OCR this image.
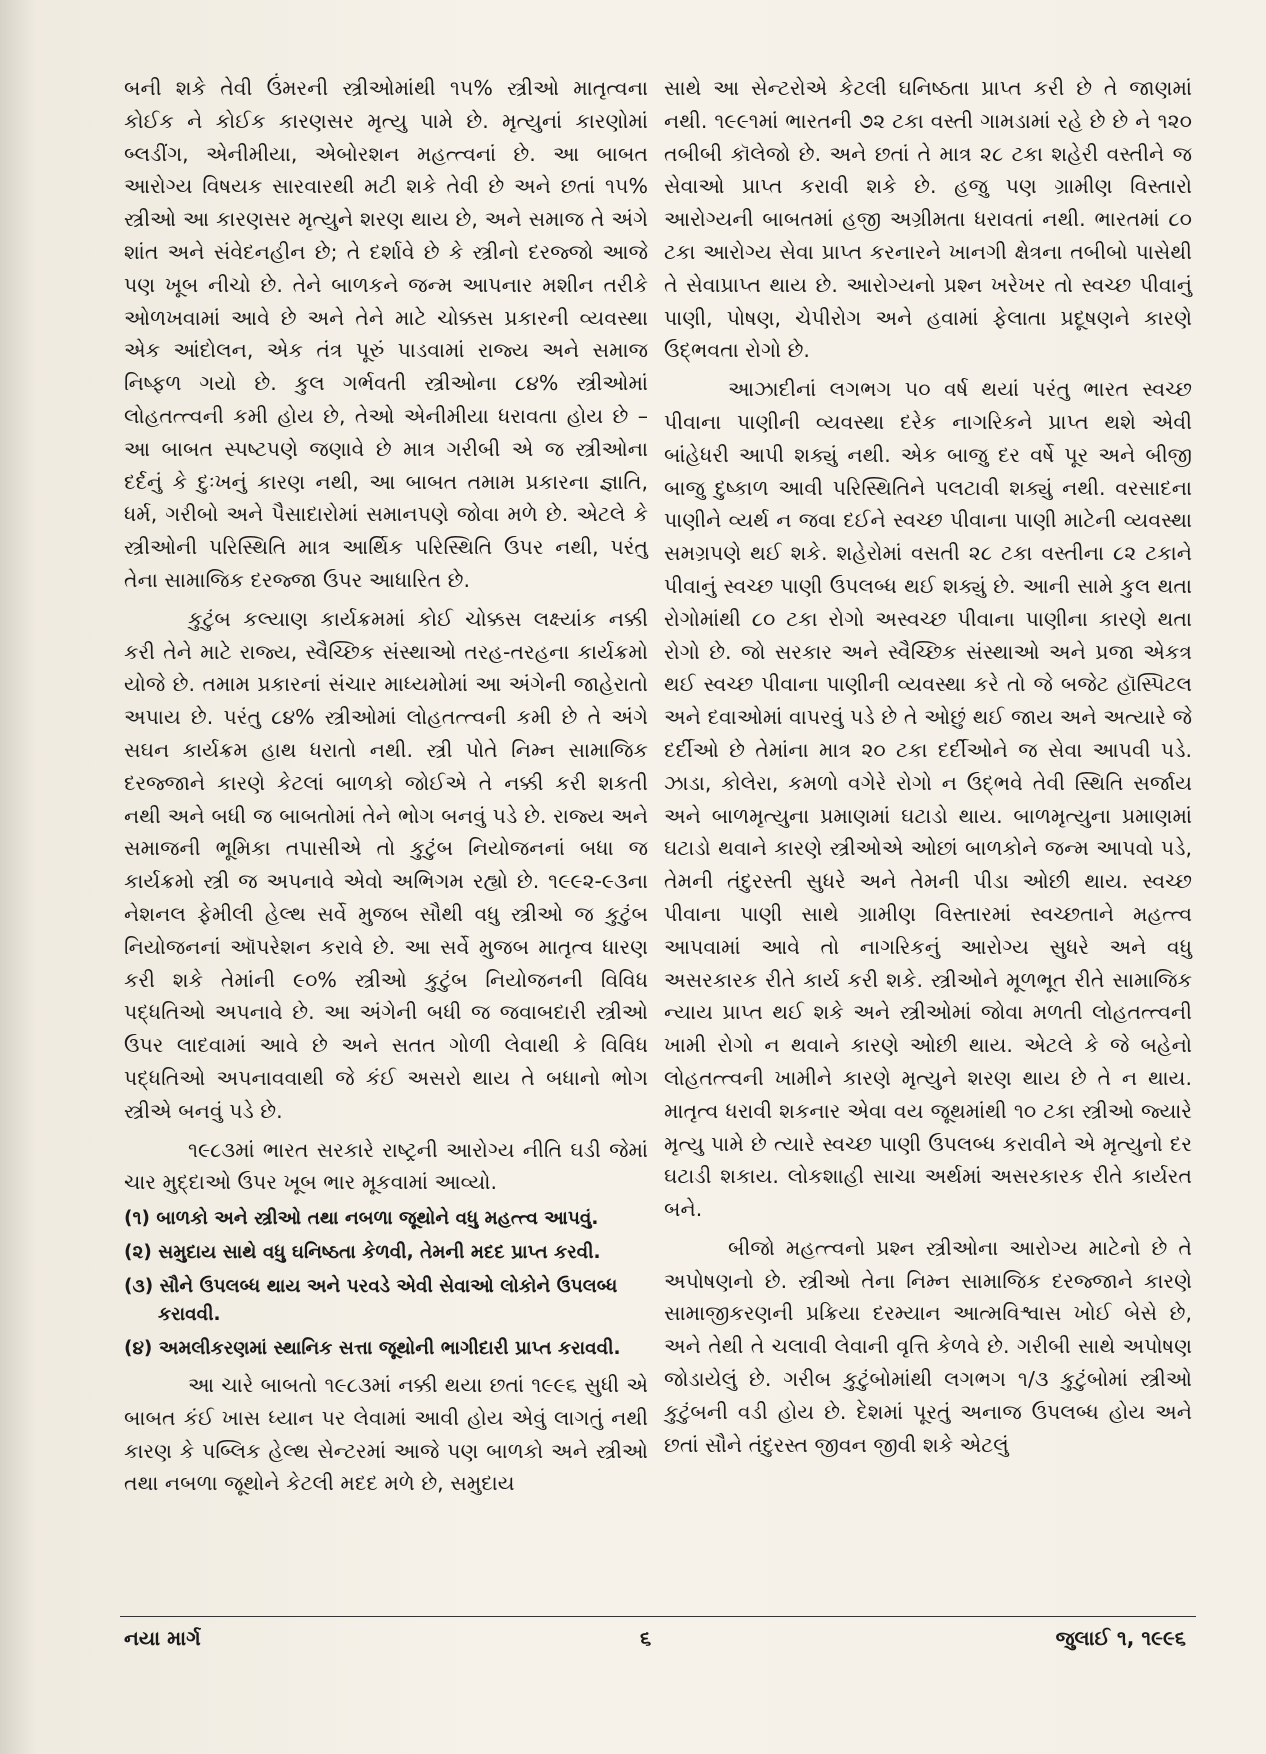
બની શકે તેવી ઉંમરની સ્ત્રીઓમાંથી ૧૫% સ્ત્રીઓ માતૃત્વના કોઈક ને કોઈક કારણસર મૃત્યુ પામે છે. મૃત્યુનાં કારણોમાં બ્લડીંગ, એનીમીયા, એબોરશન મહત્ત્વનાં છે. આ બાબત આરોગ્ય વિષયક સારવારથી મટી શકે તેવી છે અને છતાં ૧૫% સ્ત્રીઓ આ કારણસર મૃત્યુને શરણ થાય છે, અને સમાજ તે અંગે શાંત અને સંવેદનહીન છે; તે દર્શાવે છે કે સ્ત્રીનો દરજ્જો આજે પણ ખૂબ નીચો છે. તેને બાળકને જન્મ આપનાર મશીન તરીકે ઓળખવામાં આવે છે અને તેને માટે ચોક્કસ પ્રકારની વ્યવસ્થા એક આંદોલન, એક તંત્ર પૂરું પાડવામાં રાજ્ય અને સમાજ નિષ્ફળ ગયો છે. કુલ ગર્ભવતી સ્ત્રીઓના ૮૪% સ્ત્રીઓમાં લોહતત્ત્વની કમી હોય છે, તેઓ એનીમીયા ધરાવતા હોય છે – આ બાબત સ્પષ્ટપણે જણાવે છે માત્ર ગરીબી એ જ સ્ત્રીઓના દર્દનું કે દુઃખનું કારણ નથી, આ બાબત તમામ પ્રકારના જ્ઞાતિ, ધર્મ, ગરીબો અને પૈસાદારોમાં સમાનપણે જોવા મળે છે. એટલે કે સ્ત્રીઓની પરિસ્થિતિ માત્ર આર્થિક પરિસ્થિતિ ઉપર નથી, પરંતુ તેના સામાજિક દરજ્જા ઉપર આધારિત છે.

કુટુંબ કલ્યાણ કાર્યક્રમમાં કોઈ ચોક્કસ લક્ષ્યાંક નક્કી કરી તેને માટે રાજ્ય, સ્વૈચ્છિક સંસ્થાઓ તરહ-તરહના કાર્યક્રમો યોજે છે. તમામ પ્રકારનાં સંચાર માધ્યમોમાં આ અંગેની જાહેરાતો અપાય છે. પરંતુ ૮૪% સ્ત્રીઓમાં લોહતત્ત્વની કમી છે તે અંગે સઘન કાર્યક્રમ હાથ ધરાતો નથી. સ્ત્રી પોતે નિમ્ન સામાજિક દરજ્જાને કારણે કેટલાં બાળકો જોઈએ તે નક્કી કરી શકતી નથી અને બધી જ બાબતોમાં તેને ભોગ બનવું પડે છે. રાજ્ય અને સમાજની ભૂમિકા તપાસીએ તો કુટુંબ નિયોજનનાં બધા જ કાર્યક્રમો સ્ત્રી જ અપનાવે એવો અભિગમ રહ્યો છે. ૧૯૯૨-૯૩ના નેશનલ ફેમીલી હેલ્થ સર્વે મુજબ સૌથી વધુ સ્ત્રીઓ જ કુટુંબ નિયોજનનાં ઑપરેશન કરાવે છે. આ સર્વે મુજબ માતૃત્વ ધારણ કરી શકે તેમાંની ૯૦% સ્ત્રીઓ કુટુંબ નિયોજનની વિવિધ પદ્ધતિઓ અપનાવે છે. આ અંગેની બધી જ જવાબદારી સ્ત્રીઓ ઉપર લાદવામાં આવે છે અને સતત ગોળી લેવાથી કે વિવિધ પદ્ધતિઓ અપનાવવાથી જે કંઈ અસરો થાય તે બધાનો ભોગ સ્ત્રીએ બનવું પડે છે.

૧૯૮૩માં ભારત સરકારે રાષ્ટ્રની આરોગ્ય નીતિ ઘડી જેમાં ચાર મુદ્દાઓ ઉપર ખૂબ ભાર મૂકવામાં આવ્યો.

(૧) બાળકો અને સ્ત્રીઓ તથા નબળા જૂથોને વધુ મહત્ત્વ આપવું.
(૨) સમુદાય સાથે વધુ ઘનિષ્ઠતા કેળવી, તેમની મદદ પ્રાપ્ત કરવી.
(૩) સૌને ઉપલબ્ધ થાય અને પરવડે એવી સેવાઓ લોકોને ઉપલબ્ધ કરાવવી.
(૪) અમલીકરણમાં સ્થાનિક સત્તા જૂથોની ભાગીદારી પ્રાપ્ત કરાવવી.

આ ચારે બાબતો ૧૯૮૩માં નક્કી થયા છતાં ૧૯૯૬ સુધી એ બાબત કંઈ ખાસ ધ્યાન પર લેવામાં આવી હોય એવું લાગતું નથી કારણ કે પબ્લિક હેલ્થ સેન્ટરમાં આજે પણ બાળકો અને સ્ત્રીઓ તથા નબળા જૂથોને કેટલી મદદ મળે છે, સમુદાય

સાથે આ સેન્ટરોએ કેટલી ઘનિષ્ઠતા પ્રાપ્ત કરી છે તે જાણમાં નથી. ૧૯૯૧માં ભારતની ૭૨ ટકા વસ્તી ગામડામાં રહે છે છે ને ૧૨૦ તબીબી કૉલેજો છે. અને છતાં તે માત્ર ૨૮ ટકા શહેરી વસ્તીને જ સેવાઓ પ્રાપ્ત કરાવી શકે છે. હજુ પણ ગ્રામીણ વિસ્તારો આરોગ્યની બાબતમાં હજી અગ્રીમતા ધરાવતાં નથી. ભારતમાં ૮૦ ટકા આરોગ્ય સેવા પ્રાપ્ત કરનારને ખાનગી ક્ષેત્રના તબીબો પાસેથી તે સેવાપ્રાપ્ત થાય છે. આરોગ્યનો પ્રશ્ન ખરેખર તો સ્વચ્છ પીવાનું પાણી, પોષણ, ચેપીરોગ અને હવામાં ફેલાતા પ્રદૂષણને કારણે ઉદ્ભવતા રોગો છે.

આઝાદીનાં લગભગ ૫૦ વર્ષ થયાં પરંતુ ભારત સ્વચ્છ પીવાના પાણીની વ્યવસ્થા દરેક નાગરિકને પ્રાપ્ત થશે એવી બાંહેધરી આપી શક્યું નથી. એક બાજુ દર વર્ષે પૂર અને બીજી બાજુ દુષ્કાળ આવી પરિસ્થિતિને પલટાવી શક્યું નથી. વરસાદના પાણીને વ્યર્થ ન જવા દઈને સ્વચ્છ પીવાના પાણી માટેની વ્યવસ્થા સમગ્રપણે થઈ શકે. શહેરોમાં વસતી ૨૮ ટકા વસ્તીના ૮૨ ટકાને પીવાનું સ્વચ્છ પાણી ઉપલબ્ધ થઈ શક્યું છે. આની સામે કુલ થતા રોગોમાંથી ૮૦ ટકા રોગો અસ્વચ્છ પીવાના પાણીના કારણે થતા રોગો છે. જો સરકાર અને સ્વૈચ્છિક સંસ્થાઓ અને પ્રજા એકત્ર થઈ સ્વચ્છ પીવાના પાણીની વ્યવસ્થા કરે તો જે બજેટ હૉસ્પિટલ અને દવાઓમાં વાપરવું પડે છે તે ઓછું થઈ જાય અને અત્યારે જે દર્દીઓ છે તેમાંના માત્ર ૨૦ ટકા દર્દીઓને જ સેવા આપવી પડે. ઝાડા, કોલેરા, કમળો વગેરે રોગો ન ઉદ્ભવે તેવી સ્થિતિ સર્જાય અને બાળમૃત્યુના પ્રમાણમાં ઘટાડો થાય. બાળમૃત્યુના પ્રમાણમાં ઘટાડો થવાને કારણે સ્ત્રીઓએ ઓછાં બાળકોને જન્મ આપવો પડે, તેમની તંદુરસ્તી સુધરે અને તેમની પીડા ઓછી થાય. સ્વચ્છ પીવાના પાણી સાથે ગ્રામીણ વિસ્તારમાં સ્વચ્છતાને મહત્ત્વ આપવામાં આવે તો નાગરિકનું આરોગ્ય સુધરે અને વધુ અસરકારક રીતે કાર્ય કરી શકે. સ્ત્રીઓને મૂળભૂત રીતે સામાજિક ન્યાય પ્રાપ્ત થઈ શકે અને સ્ત્રીઓમાં જોવા મળતી લોહતત્ત્વની ખામી રોગો ન થવાને કારણે ઓછી થાય. એટલે કે જે બહેનો લોહતત્ત્વની ખામીને કારણે મૃત્યુને શરણ થાય છે તે ન થાય. માતૃત્વ ધરાવી શકનાર એવા વય જૂથમાંથી ૧૦ ટકા સ્ત્રીઓ જ્યારે મૃત્યુ પામે છે ત્યારે સ્વચ્છ પાણી ઉપલબ્ધ કરાવીને એ મૃત્યુનો દર ઘટાડી શકાય. લોકશાહી સાચા અર્થમાં અસરકારક રીતે કાર્યરત બને.

બીજો મહત્ત્વનો પ્રશ્ન સ્ત્રીઓના આરોગ્ય માટેનો છે તે અપોષણનો છે. સ્ત્રીઓ તેના નિમ્ન સામાજિક દરજ્જાને કારણે સામાજીકરણની પ્રક્રિયા દરમ્યાન આત્મવિશ્વાસ ખોઈ બેસે છે, અને તેથી તે ચલાવી લેવાની વૃત્તિ કેળવે છે. ગરીબી સાથે અપોષણ જોડાયેલું છે. ગરીબ કુટુંબોમાંથી લગભગ ૧/૩ કુટુંબોમાં સ્ત્રીઓ કુટુંબની વડી હોય છે. દેશમાં પૂરતું અનાજ ઉપલબ્ધ હોય અને છતાં સૌને તંદુરસ્ત જીવન જીવી શકે એટલું

નયા માર્ગ	૬	જુલાઈ ૧, ૧૯૯૬
